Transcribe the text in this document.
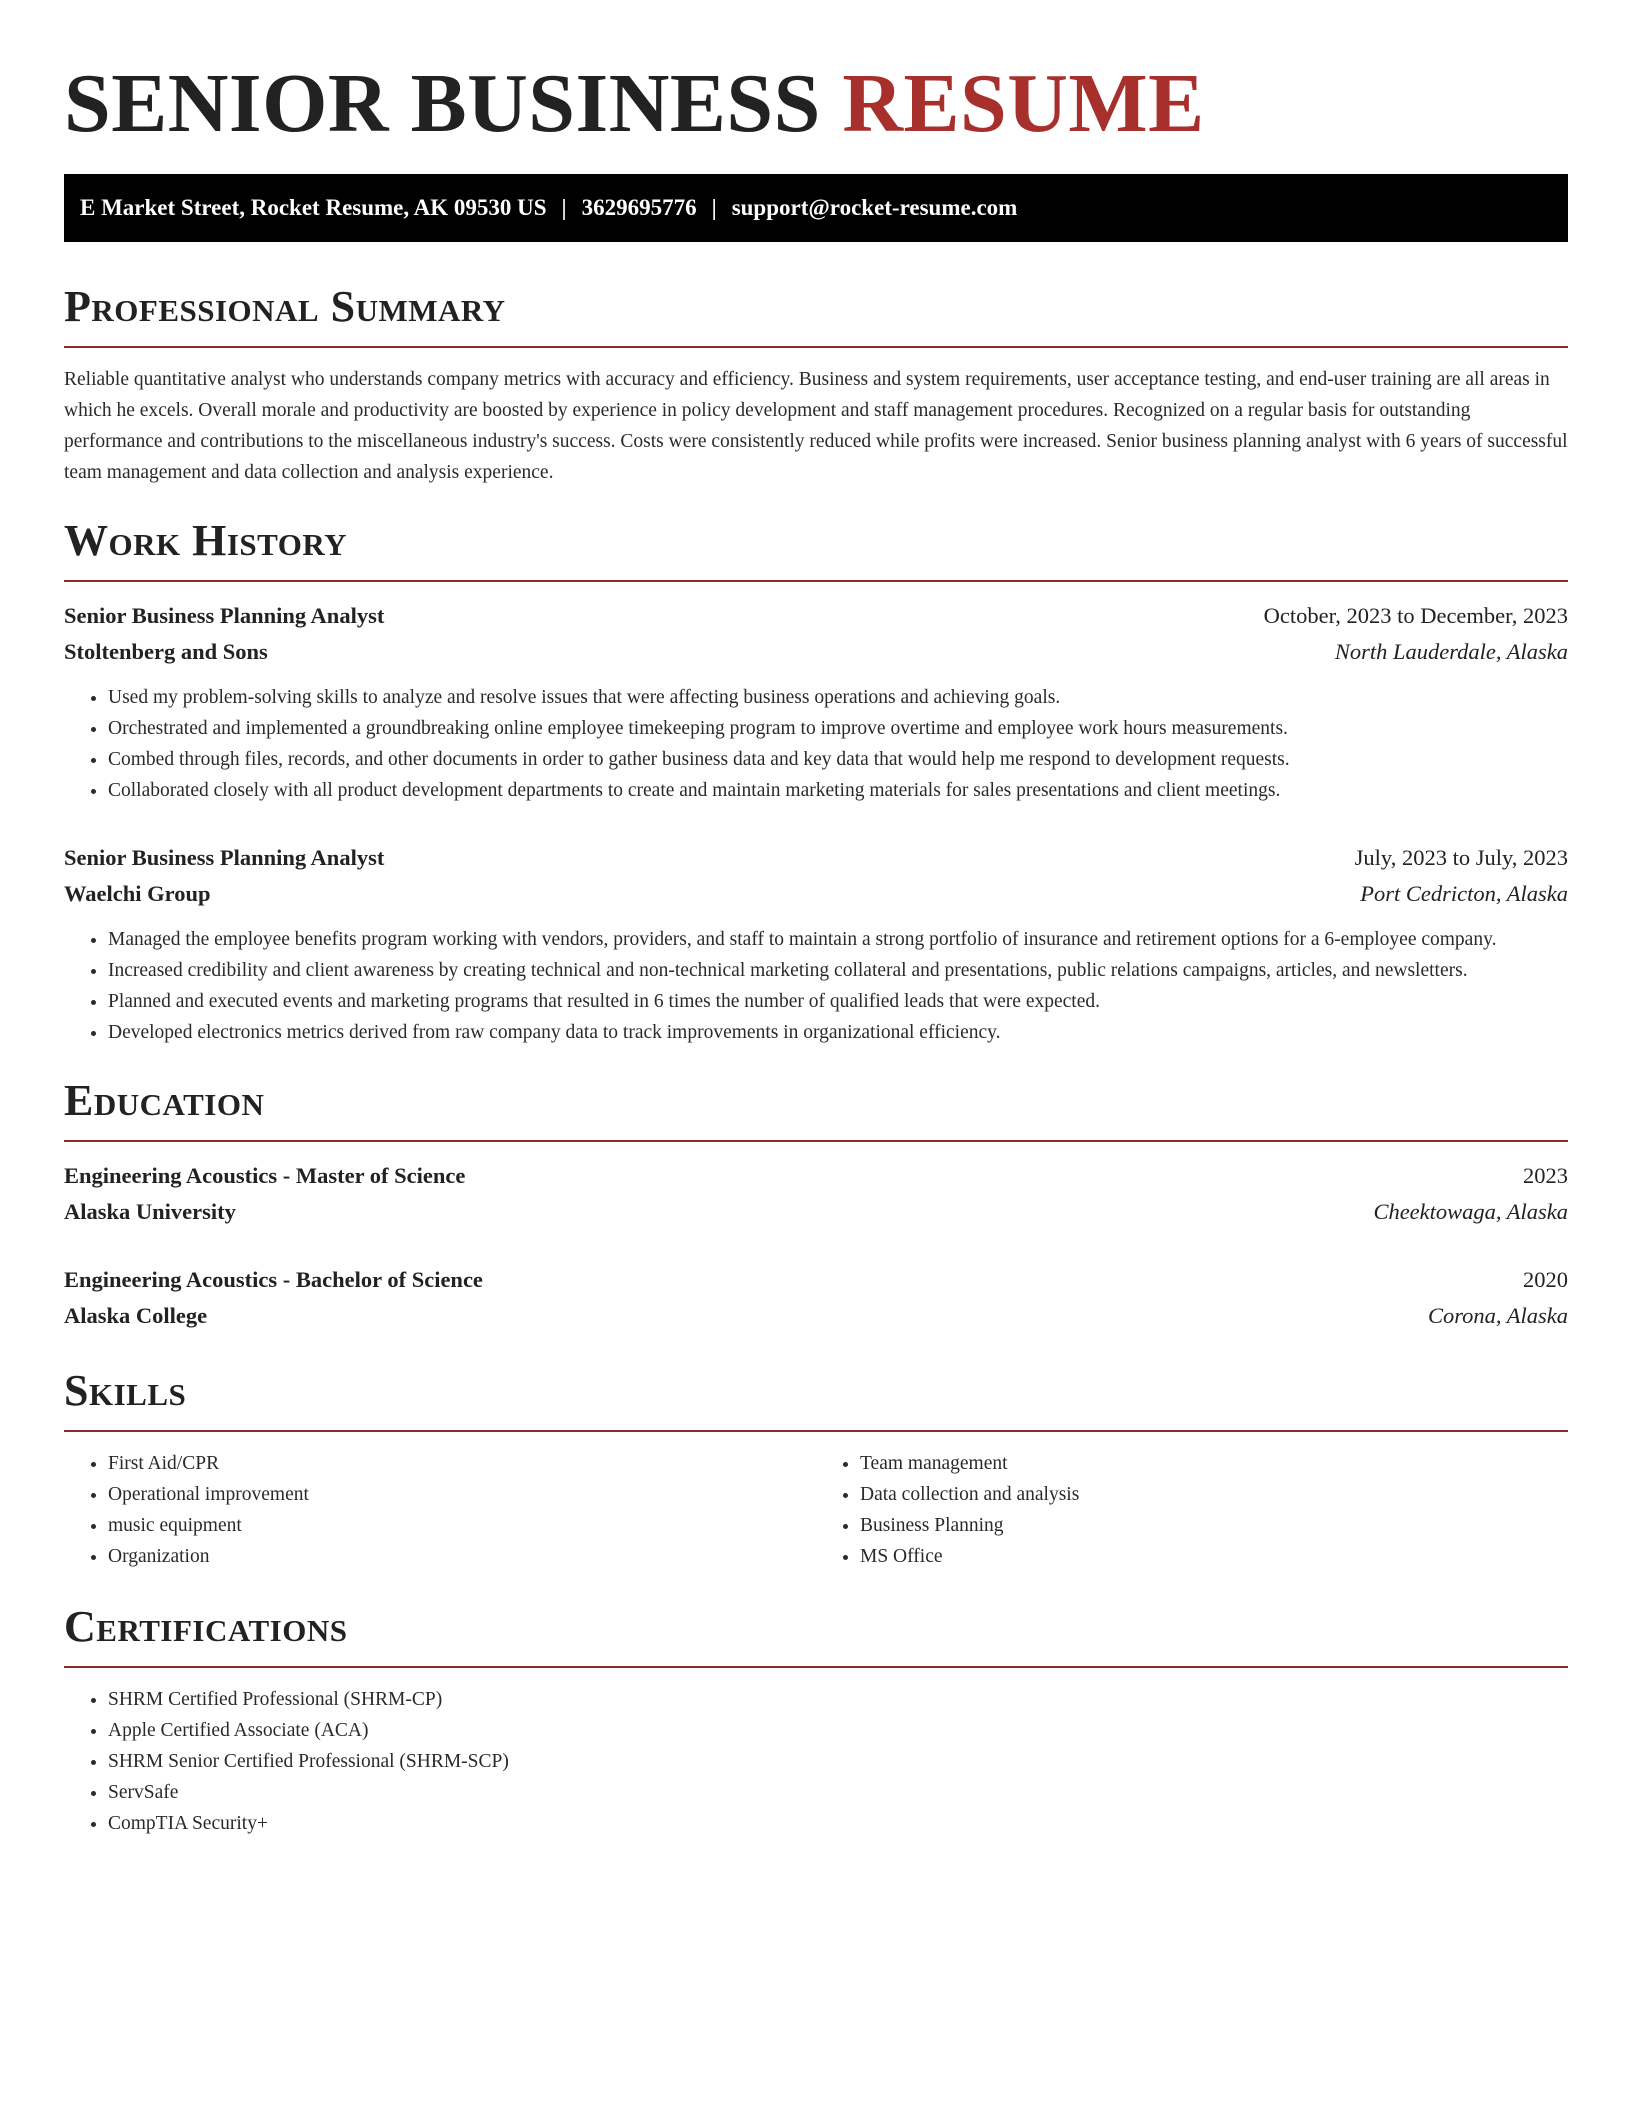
SENIOR BUSINESS RESUME
E Market Street, Rocket Resume, AK 09530 US | 3629695776 | support@rocket-resume.com
Professional Summary

Reliable quantitative analyst who understands company metrics with accuracy and efficiency. Business and system requirements, user acceptance testing, and end-user training are all areas in which he excels. Overall morale and productivity are boosted by experience in policy development and staff management procedures. Recognized on a regular basis for outstanding performance and contributions to the miscellaneous industry's success. Costs were consistently reduced while profits were increased. Senior business planning analyst with 6 years of successful team management and data collection and analysis experience.

Work History
Senior Business Planning Analyst	October, 2023 to December, 2023
Stoltenberg and Sons	North Lauderdale, Alaska
• Used my problem-solving skills to analyze and resolve issues that were affecting business operations and achieving goals.
• Orchestrated and implemented a groundbreaking online employee timekeeping program to improve overtime and employee work hours measurements.
• Combed through files, records, and other documents in order to gather business data and key data that would help me respond to development requests.
• Collaborated closely with all product development departments to create and maintain marketing materials for sales presentations and client meetings.
Senior Business Planning Analyst	July, 2023 to July, 2023
Waelchi Group	Port Cedricton, Alaska
• Managed the employee benefits program working with vendors, providers, and staff to maintain a strong portfolio of insurance and retirement options for a 6-employee company.
• Increased credibility and client awareness by creating technical and non-technical marketing collateral and presentations, public relations campaigns, articles, and newsletters.
• Planned and executed events and marketing programs that resulted in 6 times the number of qualified leads that were expected.
• Developed electronics metrics derived from raw company data to track improvements in organizational efficiency.
Education
Engineering Acoustics - Master of Science	2023
Alaska University	Cheektowaga, Alaska
Engineering Acoustics - Bachelor of Science	2020
Alaska College	Corona, Alaska
Skills
• First Aid/CPR
• Operational improvement
• music equipment
• Organization
• Team management
• Data collection and analysis
• Business Planning
• MS Office
Certifications
• SHRM Certified Professional (SHRM-CP)
• Apple Certified Associate (ACA)
• SHRM Senior Certified Professional (SHRM-SCP)
• ServSafe
• CompTIA Security+
